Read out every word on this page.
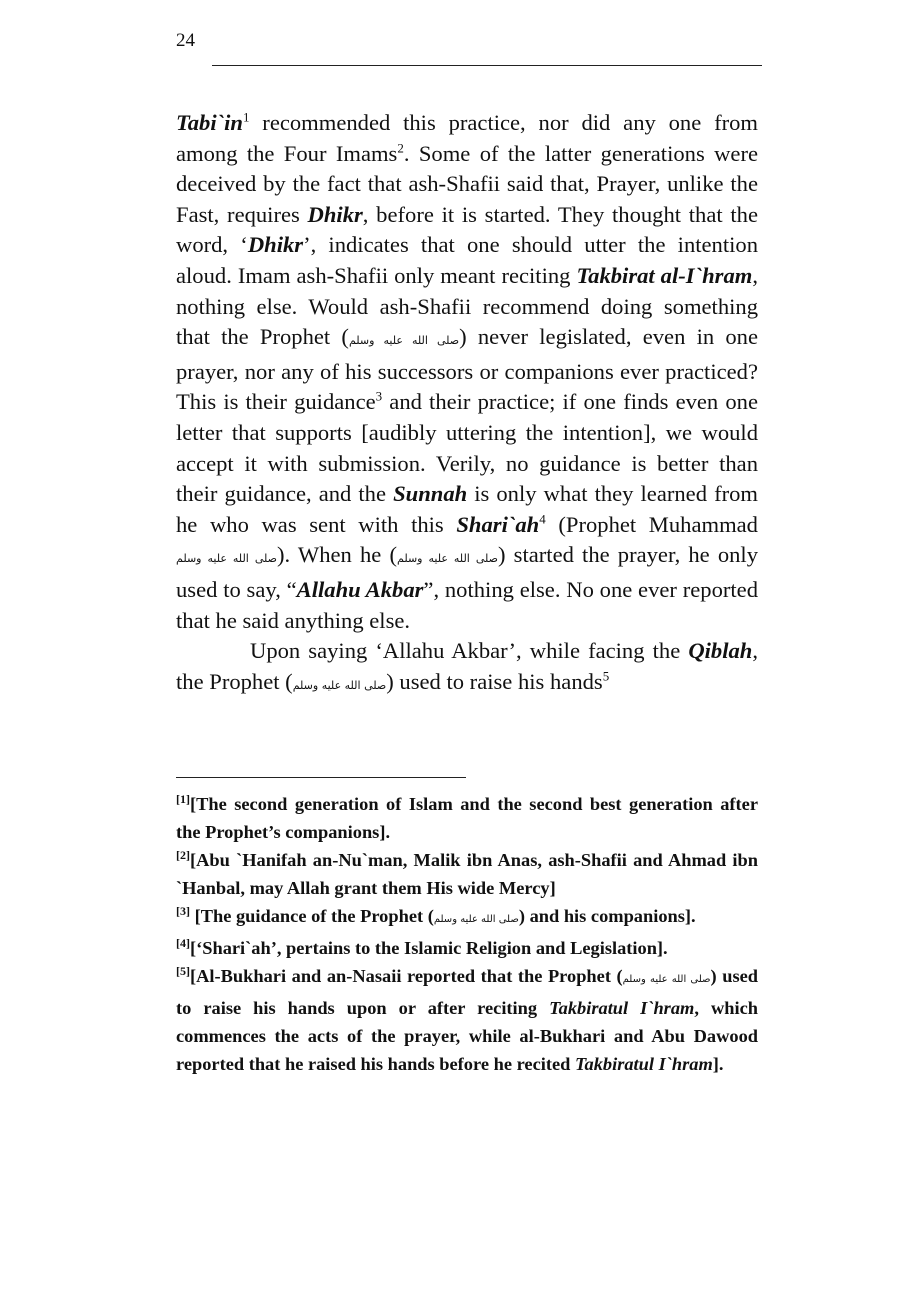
24

$Tabi`in^1$ recommended this practice, nor did any one from among the Four Imams$^2$. Some of the latter generations were deceived by the fact that ash-Shafii said that, Prayer, unlike the Fast, requires Dhikr, before it is started. They thought that the word, ‘Dhikr’, indicates that one should utter the intention aloud. Imam ash-Shafii only meant reciting Takbirat al-I`hram, nothing else. Would ash-Shafii recommend doing something that the Prophet (صلى الله عليه وسلم) never legislated, even in one prayer, nor any of his successors or companions ever practiced? This is their guidance$^3$ and their practice; if one finds even one letter that supports [audibly uttering the intention], we would accept it with submission. Verily, no guidance is better than their guidance, and the Sunnah is only what they learned from he who was sent with this $Shari`ah^4$ (Prophet Muhammad صلى الله عليه وسلم). When he (صلى الله عليه وسلم) started the prayer, he only used to say, “Allahu Akbar”, nothing else. No one ever reported that he said anything else.

Upon saying ‘Allahu Akbar’, while facing the Qiblah, the Prophet (صلى الله عليه وسلم) used to raise his hands$^5$

[1][The second generation of Islam and the second best generation after the Prophet’s companions].

[2][Abu `Hanifah an-Nu`man, Malik ibn Anas, ash-Shafii and Ahmad ibn `Hanbal, may Allah grant them His wide Mercy]

[3] [The guidance of the Prophet (صلى الله عليه وسلم) and his companions].

[4][‘Shari`ah’, pertains to the Islamic Religion and Legislation].

[5][Al-Bukhari and an-Nasaii reported that the Prophet (صلى الله عليه وسلم) used to raise his hands upon or after reciting Takbiratul I`hram, which commences the acts of the prayer, while al-Bukhari and Abu Dawood reported that he raised his hands before he recited Takbiratul I`hram].
